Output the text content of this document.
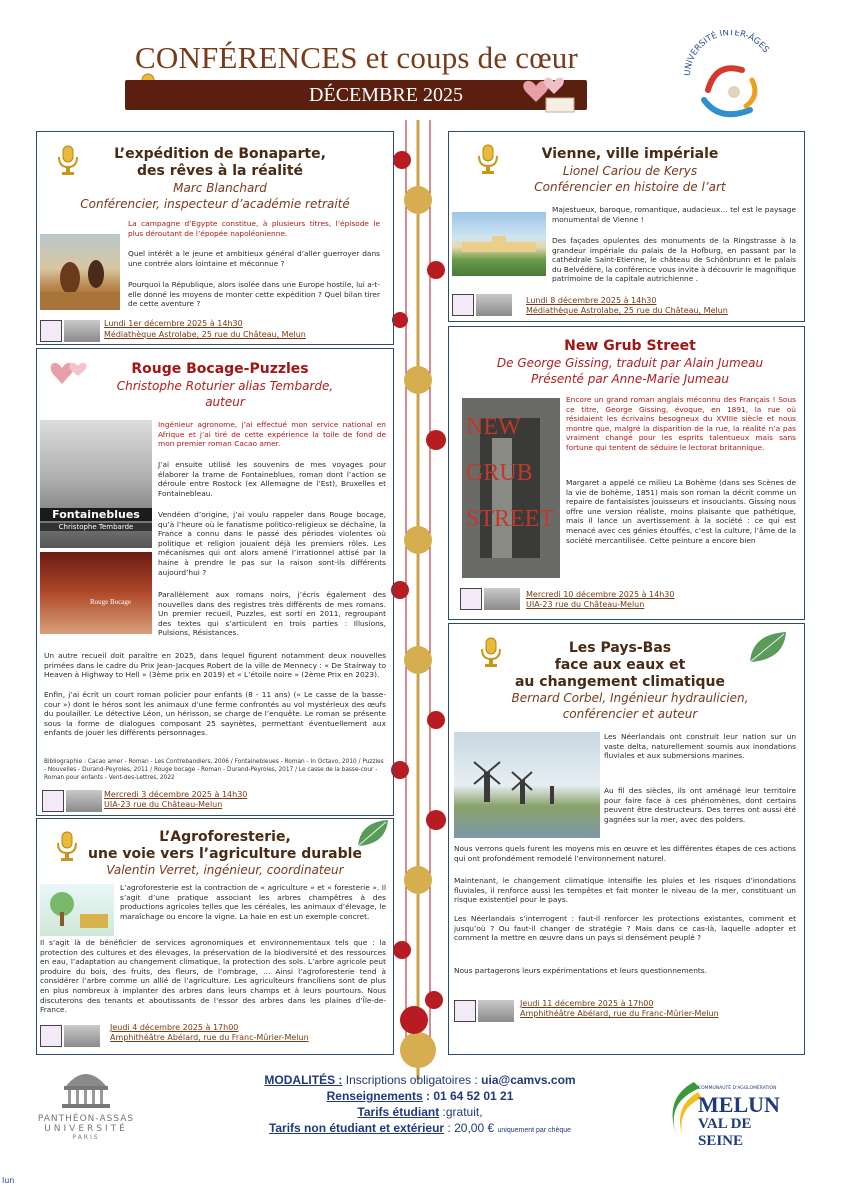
CONFÉRENCES et coups de cœur
DÉCEMBRE 2025
UNIVERSITÉ INTER-ÂGES
L’expédition de Bonaparte,
des rêves à la réalité
Marc Blanchard
Conférencier, inspecteur d’académie retraité
La campagne d’Egypte constitue, à plusieurs titres, l’épisode le plus déroutant de l’épopée napoléonienne.
Quel intérêt a le jeune et ambitieux général d’aller guerroyer dans une contrée alors lointaine et méconnue ?
Pourquoi la République, alors isolée dans une Europe hostile, lui a-t-elle donné les moyens de monter cette expédition ? Quel bilan tirer de cette aventure ?
Lundi 1er décembre 2025 à 14h30
Médiathèque Astrolabe, 25 rue du Château, Melun
Rouge Bocage-Puzzles
Christophe Roturier alias Tembarde,
auteur
Fontaineblues
Christophe Tembarde
Rouge Bocage
Ingénieur agronome, j’ai effectué mon service national en Afrique et j’ai tiré de cette expérience la toile de fond de mon premier roman Cacao amer.
J’ai ensuite utilisé les souvenirs de mes voyages pour élaborer la trame de Fontaineblues, roman dont l’action se déroule entre Rostock (ex Allemagne de l’Est), Bruxelles et Fontainebleau.
Vendéen d’origine, j’ai voulu rappeler dans Rouge bocage, qu’à l’heure où le fanatisme politico-religieux se déchaîne, la France a connu dans le passé des périodes violentes où politique et religion jouaient déjà les premiers rôles. Les mécanismes qui ont alors amené l’irrationnel attisé par la haine à prendre le pas sur la raison sont-ils différents aujourd’hui ?
Parallèlement aux romans noirs, j’écris également des nouvelles dans des registres très différents de mes romans. Un premier recueil, Puzzles, est sorti en 2011, regroupant des textes qui s’articulent en trois parties : Illusions, Pulsions, Résistances.
Un autre recueil doit paraître en 2025, dans lequel figurent notamment deux nouvelles primées dans le cadre du Prix Jean-Jacques Robert de la ville de Mennecy : « De Stairway to Heaven à Highway to Hell » (3ème prix en 2019) et « L’étoile noire » (2ème Prix en 2023).
Enfin, j’ai écrit un court roman policier pour enfants (8 - 11 ans) (« Le casse de la basse-cour ») dont le héros sont les animaux d’une ferme confrontés au vol mystérieux des œufs du poulailler. Le détective Léon, un hérisson, se charge de l’enquête. Le roman se présente sous la forme de dialogues composant 25 saynètes, permettant éventuellement aux enfants de jouer les différents personnages.
Bibliographie : Cacao amer - Roman - Les Contrebandiers, 2006 / Fontainebleues - Roman - In Octavo, 2010 / Puzzles - Nouvelles - Durand-Peyroles, 2011 / Rouge bocage - Roman - Durand-Peyroles, 2017 / Le casse de la basse-cour - Roman pour enfants - Vent-des-Lettres, 2022
Mercredi 3 décembre 2025 à 14h30
UIA-23 rue du Château-Melun
L’Agroforesterie,
une voie vers l’agriculture durable
Valentin Verret, ingénieur, coordinateur
L’agroforesterie est la contraction de « agriculture » et « foresterie ». Il s’agit d’une pratique associant les arbres champêtres à des productions agricoles telles que les céréales, les animaux d’élevage, le maraîchage ou encore la vigne. La haie en est un exemple concret.
Il s’agit là de bénéficier de services agronomiques et environnementaux tels que : la protection des cultures et des élevages, la préservation de la biodiversité et des ressources en eau, l’adaptation au changement climatique, la protection des sols. L’arbre agricole peut produire du bois, des fruits, des fleurs, de l’ombrage, … Ainsi l’agroforesterie tend à considérer l’arbre comme un allié de l’agriculture. Les agriculteurs franciliens sont de plus en plus nombreux à implanter des arbres dans leurs champs et à leurs pourtours. Nous discuterons des tenants et aboutissants de l’essor des arbres dans les plaines d’Île-de-France.
Jeudi 4 décembre 2025 à 17h00
Amphithéâtre Abélard, rue du Franc-Mûrier-Melun
Vienne, ville impériale
Lionel Cariou de Kerys
Conférencier en histoire de l’art
Majestueux, baroque, romantique, audacieux… tel est le paysage monumental de Vienne !
Des façades opulentes des monuments de la Ringstrasse à la grandeur impériale du palais de la Hofburg, en passant par la cathédrale Saint-Etienne, le château de Schönbrunn et le palais du Belvédère, la conférence vous invite à découvrir le magnifique patrimoine de la capitale autrichienne .
Lundi 8 décembre 2025 à 14h30
Médiathèque Astrolabe, 25 rue du Château, Melun
New Grub Street
De George Gissing, traduit par Alain Jumeau
Présenté par Anne-Marie Jumeau
NEW GRUB STREET
Encore un grand roman anglais méconnu des Français ! Sous ce titre, George Gissing, évoque, en 1891, la rue où résidaient les écrivains besogneux du XVIIIe siècle et nous montre que, malgré la disparition de la rue, la réalité n’a pas vraiment changé pour les esprits talentueux mais sans fortune qui tentent de séduire le lectorat britannique.
Margaret a appelé ce milieu La Bohème (dans ses Scènes de la vie de bohème, 1851) mais son roman la décrit comme un repaire de fantaisistes jouisseurs et insouciants. Gissing nous offre une version réaliste, moins plaisante que pathétique, mais il lance un avertissement à la société : ce qui est menacé avec ces génies étouffés, c’est la culture, l’âme de la société mercantilisée. Cette peinture a encore bien
Mercredi 10 décembre 2025 à 14h30
UIA-23 rue du Château-Melun
Les Pays-Bas
face aux eaux et
au changement climatique
Bernard Corbel, Ingénieur hydraulicien,
conférencier et auteur
Les Néerlandais ont construit leur nation sur un vaste delta, naturellement soumis aux inondations fluviales et aux submersions marines.
Au fil des siècles, ils ont aménagé leur territoire pour faire face à ces phénomènes, dont certains peuvent être destructeurs. Des terres ont aussi été gagnées sur la mer, avec des polders.
Nous verrons quels furent les moyens mis en œuvre et les différentes étapes de ces actions qui ont profondément remodelé l’environnement naturel.
Maintenant, le changement climatique intensifie les pluies et les risques d’inondations fluviales, il renforce aussi les tempêtes et fait monter le niveau de la mer, constituant un risque existentiel pour le pays.
Les Néerlandais s’interrogent : faut-il renforcer les protections existantes, comment et jusqu’où ? Ou faut-il changer de stratégie ? Mais dans ce cas-là, laquelle adopter et comment la mettre en œuvre dans un pays si densément peuplé ?
Nous partagerons leurs expérimentations et leurs questionnements.
Jeudi 11 décembre 2025 à 17h00
Amphithéâtre Abélard, rue du Franc-Mûrier-Melun
PANTHÉON-ASSAS
UNIVERSITÉ
PARIS
MODALITÉS : Inscriptions obligatoires : uia@camvs.com
Renseignements : 01 64 52 01 21
Tarifs étudiant :gratuit,
Tarifs non étudiant et extérieur : 20,00 € uniquement par chèque
COMMUNAUTÉ D'AGGLOMÉRATION
MELUN
VAL DE SEINE
lun
